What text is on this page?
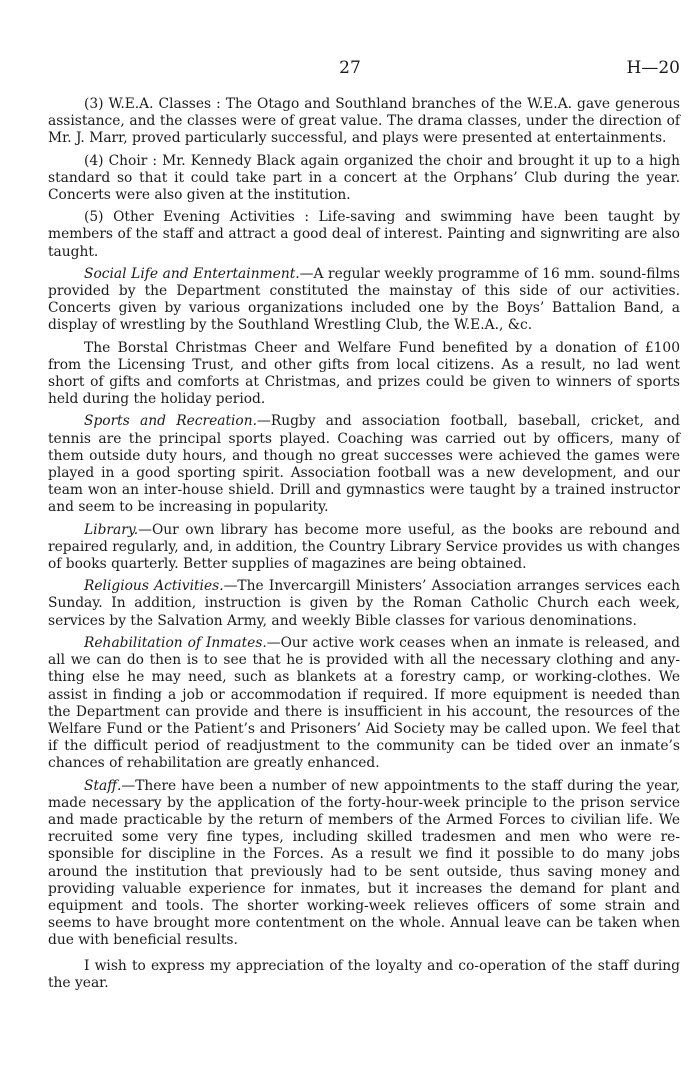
27	H—20

(3) W.E.A. Classes : The Otago and Southland branches of the W.E.A. gave generous assistance, and the classes were of great value. The drama classes, under the direction of Mr. J. Marr, proved particularly successful, and plays were presented at entertainments.

(4) Choir : Mr. Kennedy Black again organized the choir and brought it up to a high standard so that it could take part in a concert at the Orphans’ Club during the year. Concerts were also given at the institution.

(5) Other Evening Activities : Life-saving and swimming have been taught by members of the staff and attract a good deal of interest. Painting and signwriting are also taught.

Social Life and Entertainment.—A regular weekly programme of 16 mm. sound-films provided by the Department constituted the mainstay of this side of our activities. Concerts given by various organizations included one by the Boys’ Battalion Band, a display of wrestling by the Southland Wrestling Club, the W.E.A., &c.

The Borstal Christmas Cheer and Welfare Fund benefited by a donation of £100 from the Licensing Trust, and other gifts from local citizens. As a result, no lad went short of gifts and comforts at Christmas, and prizes could be given to winners of sports held during the holiday period.

Sports and Recreation.—Rugby and association football, baseball, cricket, and tennis are the principal sports played. Coaching was carried out by officers, many of them outside duty hours, and though no great successes were achieved the games were played in a good sporting spirit. Association football was a new development, and our team won an inter-house shield. Drill and gymnastics were taught by a trained instructor and seem to be increasing in popularity.

Library.—Our own library has become more useful, as the books are rebound and repaired regularly, and, in addition, the Country Library Service provides us with changes of books quarterly. Better supplies of magazines are being obtained.

Religious Activities.—The Invercargill Ministers’ Association arranges services each Sunday. In addition, instruction is given by the Roman Catholic Church each week, services by the Salvation Army, and weekly Bible classes for various denominations.

Rehabilitation of Inmates.—Our active work ceases when an inmate is released, and all we can do then is to see that he is provided with all the necessary clothing and any-thing else he may need, such as blankets at a forestry camp, or working-clothes. We assist in finding a job or accommodation if required. If more equipment is needed than the Department can provide and there is insufficient in his account, the resources of the Welfare Fund or the Patient’s and Prisoners’ Aid Society may be called upon. We feel that if the difficult period of readjustment to the community can be tided over an inmate’s chances of rehabilitation are greatly enhanced.

Staff.—There have been a number of new appointments to the staff during the year, made necessary by the application of the forty-hour-week principle to the prison service and made practicable by the return of members of the Armed Forces to civilian life. We recruited some very fine types, including skilled tradesmen and men who were re-sponsible for discipline in the Forces. As a result we find it possible to do many jobs around the institution that previously had to be sent outside, thus saving money and providing valuable experience for inmates, but it increases the demand for plant and equipment and tools. The shorter working-week relieves officers of some strain and seems to have brought more contentment on the whole. Annual leave can be taken when due with beneficial results.

I wish to express my appreciation of the loyalty and co-operation of the staff during the year.
